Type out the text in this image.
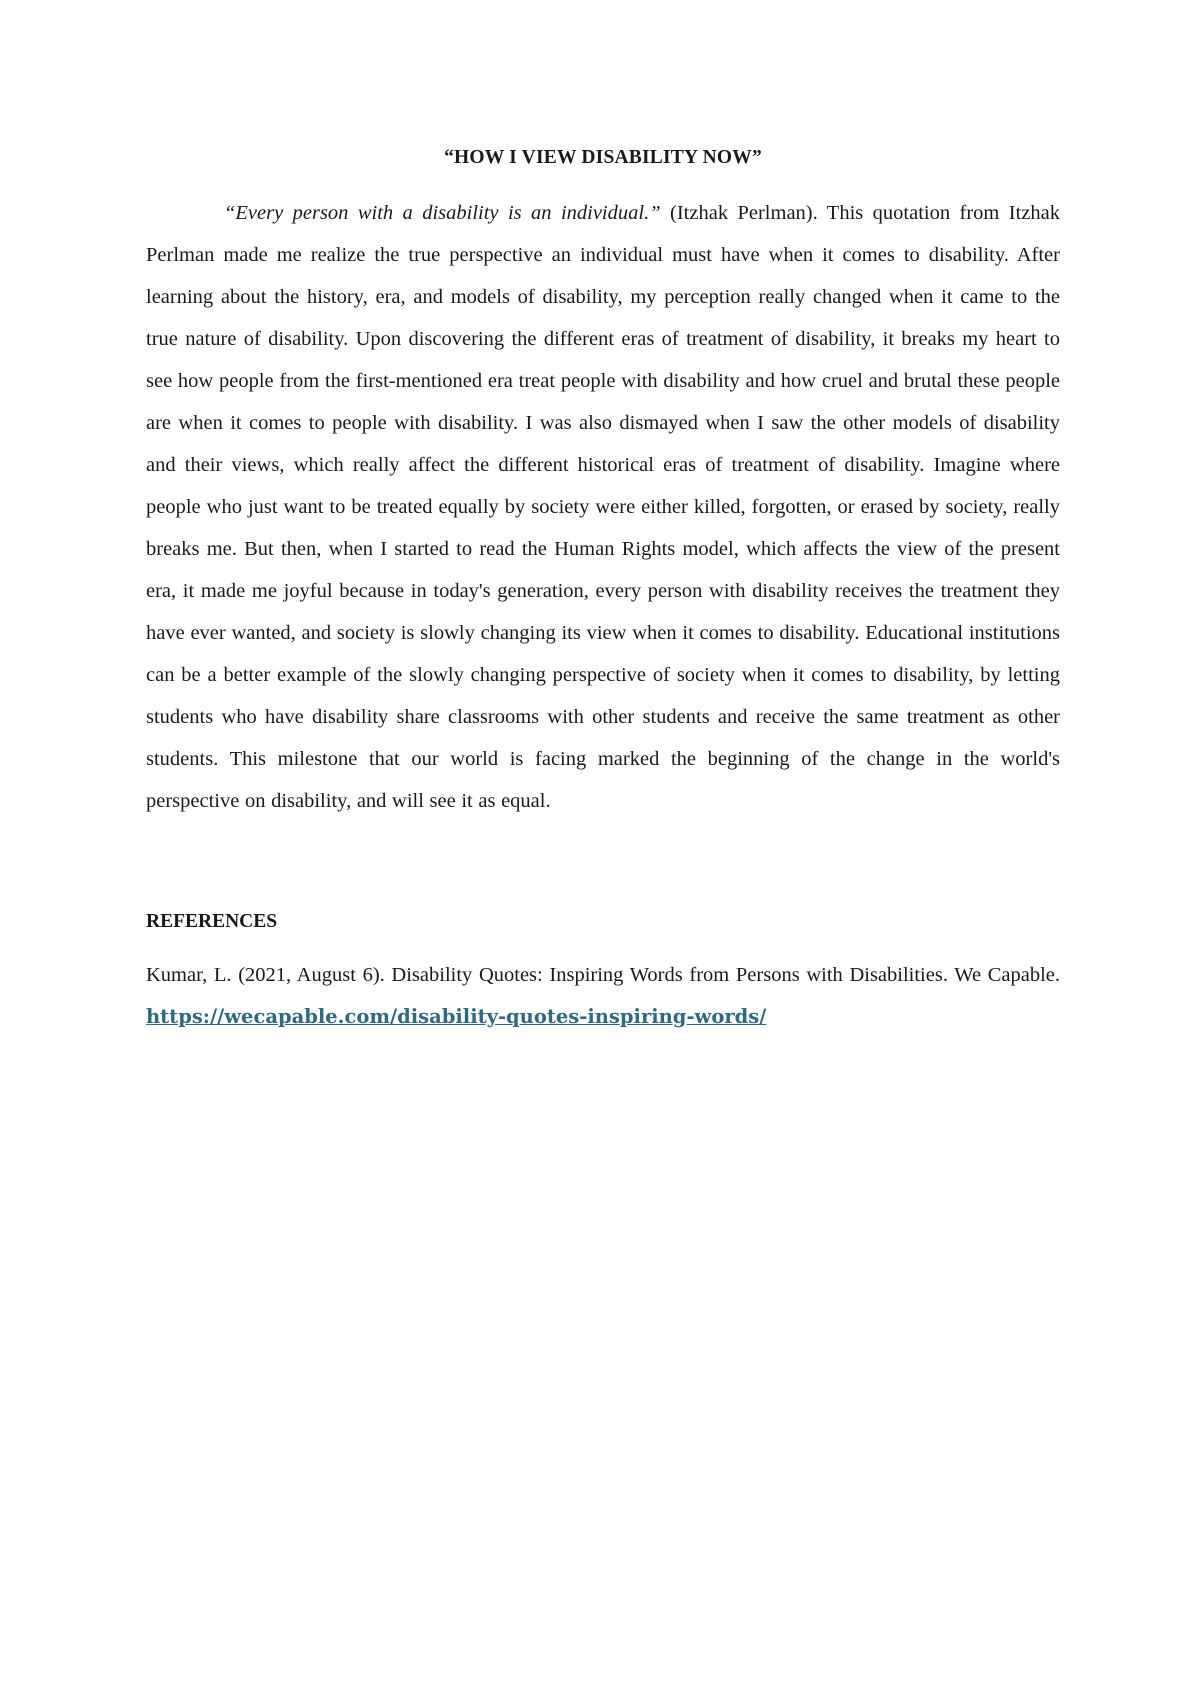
“HOW I VIEW DISABILITY NOW”

“Every person with a disability is an individual.” (Itzhak Perlman). This quotation from Itzhak Perlman made me realize the true perspective an individual must have when it comes to disability. After learning about the history, era, and models of disability, my perception really changed when it came to the true nature of disability. Upon discovering the different eras of treatment of disability, it breaks my heart to see how people from the first-mentioned era treat people with disability and how cruel and brutal these people are when it comes to people with disability. I was also dismayed when I saw the other models of disability and their views, which really affect the different historical eras of treatment of disability. Imagine where people who just want to be treated equally by society were either killed, forgotten, or erased by society, really breaks me. But then, when I started to read the Human Rights model, which affects the view of the present era, it made me joyful because in today's generation, every person with disability receives the treatment they have ever wanted, and society is slowly changing its view when it comes to disability. Educational institutions can be a better example of the slowly changing perspective of society when it comes to disability, by letting students who have disability share classrooms with other students and receive the same treatment as other students. This milestone that our world is facing marked the beginning of the change in the world's perspective on disability, and will see it as equal.

REFERENCES

Kumar, L. (2021, August 6). Disability Quotes: Inspiring Words from Persons with Disabilities. We Capable. https://wecapable.com/disability-quotes-inspiring-words/
